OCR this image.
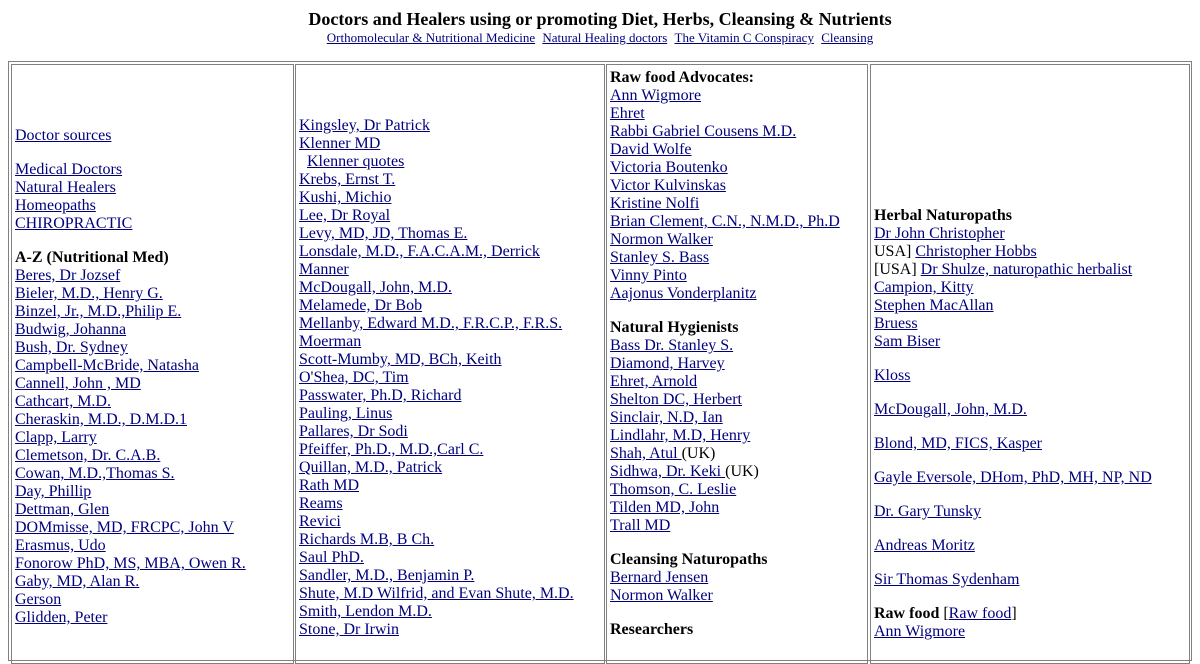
Doctors and Healers using or promoting Diet, Herbs, Cleansing & Nutrients
Orthomolecular & Nutritional Medicine Natural Healing doctors The Vitamin C Conspiracy Cleansing
Doctor sources
Medical Doctors
Natural Healers
Homeopaths
CHIROPRACTIC
A-Z (Nutritional Med)
Beres, Dr Jozsef
Bieler, M.D., Henry G.
Binzel, Jr., M.D.,Philip E.
Budwig, Johanna
Bush, Dr. Sydney
Campbell-McBride, Natasha
Cannell, John , MD
Cathcart, M.D.
Cheraskin, M.D., D.M.D.1
Clapp, Larry
Clemetson, Dr. C.A.B.
Cowan, M.D.,Thomas S.
Day, Phillip
Dettman, Glen
DOMmisse, MD, FRCPC, John V
Erasmus, Udo
Fonorow PhD, MS, MBA, Owen R.
Gaby, MD, Alan R.
Gerson
Glidden, Peter
Kingsley, Dr Patrick
Klenner MD
Klenner quotes
Krebs, Ernst T.
Kushi, Michio
Lee, Dr Royal
Levy, MD, JD, Thomas E.
Lonsdale, M.D., F.A.C.A.M., Derrick
Manner
McDougall, John, M.D.
Melamede, Dr Bob
Mellanby, Edward M.D., F.R.C.P., F.R.S.
Moerman
Scott-Mumby, MD, BCh, Keith
O'Shea, DC, Tim
Passwater, Ph.D, Richard
Pauling, Linus
Pallares, Dr Sodi
Pfeiffer, Ph.D., M.D.,Carl C.
Quillan, M.D., Patrick
Rath MD
Reams
Revici
Richards M.B, B Ch.
Saul PhD.
Sandler, M.D., Benjamin P.
Shute, M.D Wilfrid, and Evan Shute, M.D.
Smith, Lendon M.D.
Stone, Dr Irwin
Raw food Advocates:
Ann Wigmore
Ehret
Rabbi Gabriel Cousens M.D.
David Wolfe
Victoria Boutenko
Victor Kulvinskas
Kristine Nolfi
Brian Clement, C.N., N.M.D., Ph.D
Normon Walker
Stanley S. Bass
Vinny Pinto
Aajonus Vonderplanitz
Natural Hygienists
Bass Dr. Stanley S.
Diamond, Harvey
Ehret, Arnold
Shelton DC, Herbert
Sinclair, N.D, Ian
Lindlahr, M.D, Henry
Shah, Atul (UK)
Sidhwa, Dr. Keki (UK)
Thomson, C. Leslie
Tilden MD, John
Trall MD
Cleansing Naturopaths
Bernard Jensen
Normon Walker
Researchers
Herbal Naturopaths
Dr John Christopher
USA] Christopher Hobbs
[USA] Dr Shulze, naturopathic herbalist
Campion, Kitty
Stephen MacAllan
Bruess
Sam Biser
Kloss
McDougall, John, M.D.
Blond, MD, FICS, Kasper
Gayle Eversole, DHom, PhD, MH, NP, ND
Dr. Gary Tunsky
Andreas Moritz
Sir Thomas Sydenham
Raw food [Raw food]
Ann Wigmore
